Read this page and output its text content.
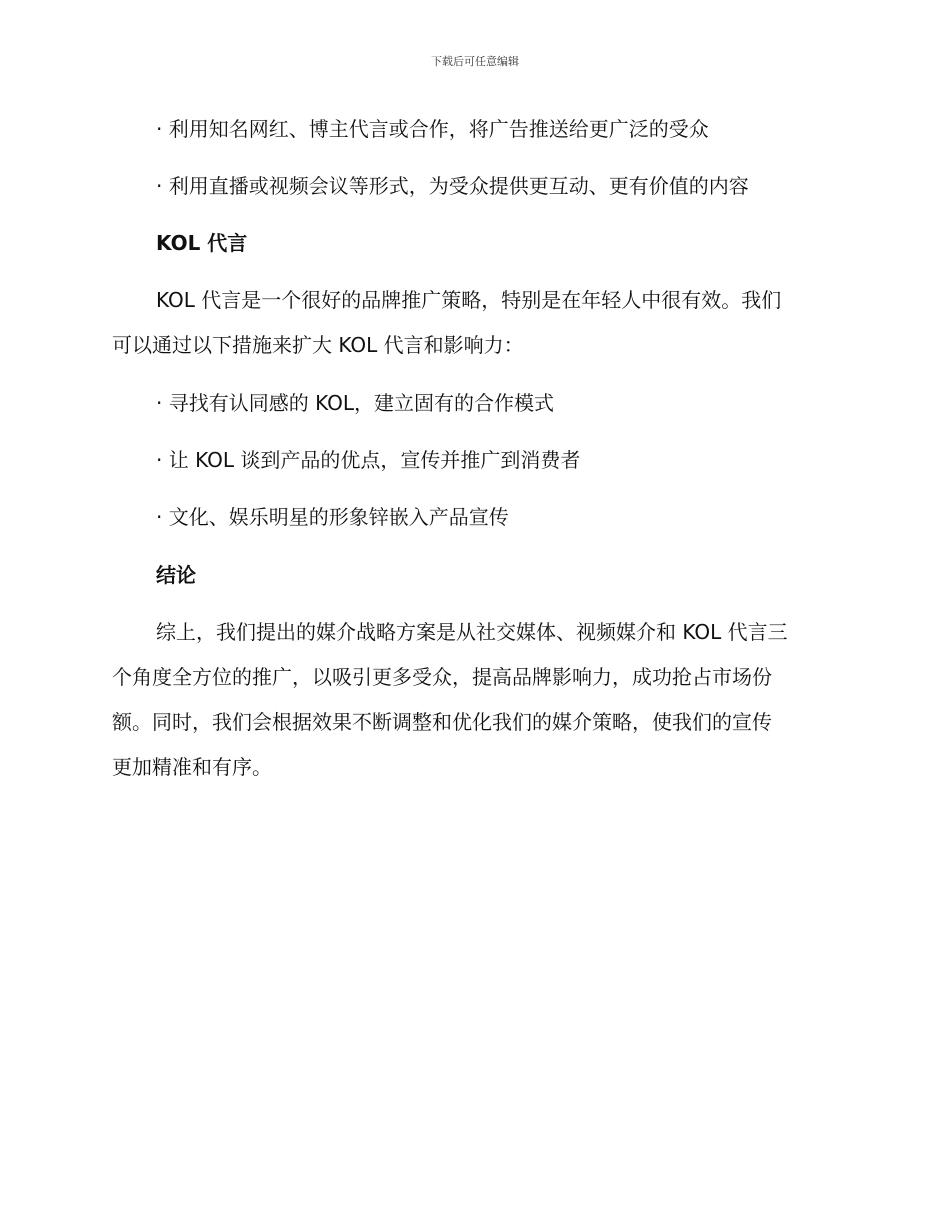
下载后可任意编辑
· 利用知名网红、博主代言或合作，将广告推送给更广泛的受众
· 利用直播或视频会议等形式，为受众提供更互动、更有价值的内容
KOL 代言
KOL 代言是一个很好的品牌推广策略，特别是在年轻人中很有效。我们
可以通过以下措施来扩大 KOL 代言和影响力：
· 寻找有认同感的 KOL，建立固有的合作模式
· 让 KOL 谈到产品的优点，宣传并推广到消费者
· 文化、娱乐明星的形象锌嵌入产品宣传
结论
综上，我们提出的媒介战略方案是从社交媒体、视频媒介和 KOL 代言三
个角度全方位的推广，以吸引更多受众，提高品牌影响力，成功抢占市场份
额。同时，我们会根据效果不断调整和优化我们的媒介策略，使我们的宣传
更加精准和有序。
